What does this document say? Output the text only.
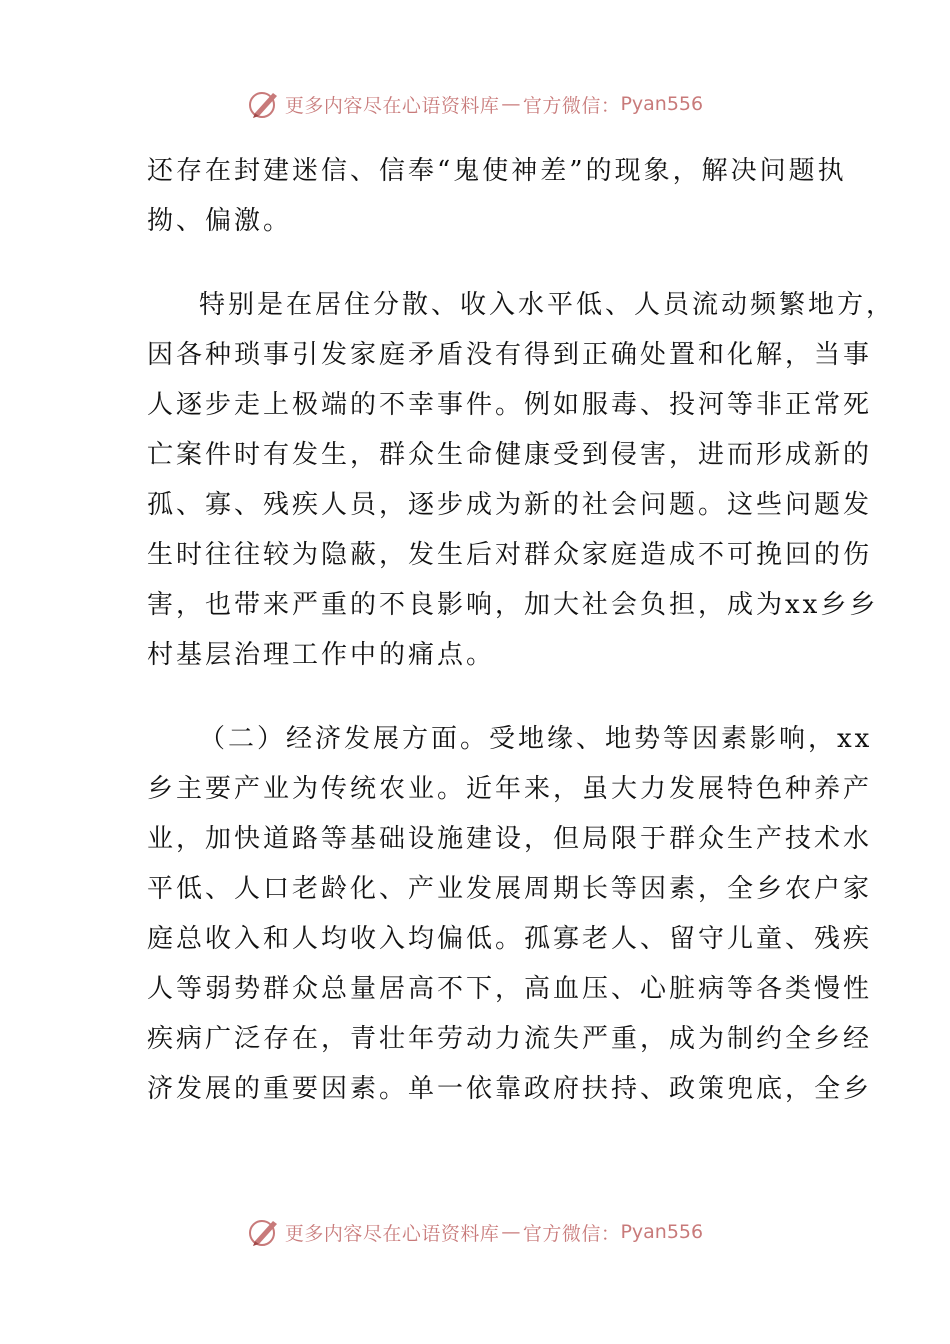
更多内容尽在心语资料库 — 官方微信： Pyan556

还存在封建迷信、信奉“鬼使神差”的现象，解决问题执
拗、偏激。

特别是在居住分散、收入水平低、人员流动频繁地方，
因各种琐事引发家庭矛盾没有得到正确处置和化解，当事
人逐步走上极端的不幸事件。例如服毒、投河等非正常死
亡案件时有发生，群众生命健康受到侵害，进而形成新的
孤、寡、残疾人员，逐步成为新的社会问题。这些问题发
生时往往较为隐蔽，发生后对群众家庭造成不可挽回的伤
害，也带来严重的不良影响，加大社会负担，成为xx乡乡
村基层治理工作中的痛点。

（二）经济发展方面。受地缘、地势等因素影响，xx
乡主要产业为传统农业。近年来，虽大力发展特色种养产
业，加快道路等基础设施建设，但局限于群众生产技术水
平低、人口老龄化、产业发展周期长等因素，全乡农户家
庭总收入和人均收入均偏低。孤寡老人、留守儿童、残疾
人等弱势群众总量居高不下，高血压、心脏病等各类慢性
疾病广泛存在，青壮年劳动力流失严重，成为制约全乡经
济发展的重要因素。单一依靠政府扶持、政策兜底，全乡

更多内容尽在心语资料库 — 官方微信： Pyan556
